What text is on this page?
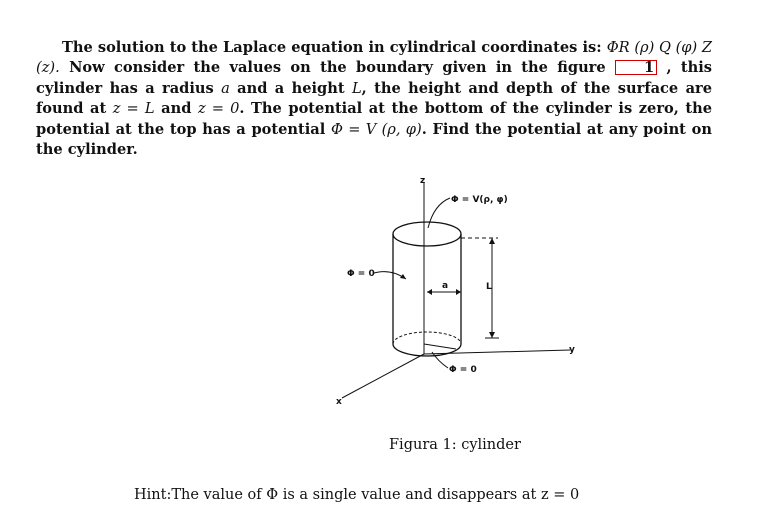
The solution to the Laplace equation in cylindrical coordinates is: ΦR (ρ) Q (φ) Z (z). Now consider the values on the boundary given in the figure 1 , this cylinder has a radius a and a height L, the height and depth of the surface are found at z = L and z = 0. The potential at the bottom of the cylinder is zero, the potential at the top has a potential Φ = V (ρ, φ). Find the potential at any point on the cylinder.
z
y
x
a	L
Φ = V(ρ, φ)
Φ = 0
Φ = 0
Figura 1: cylinder
Hint:The value of Φ is a single value and disappears at z = 0
